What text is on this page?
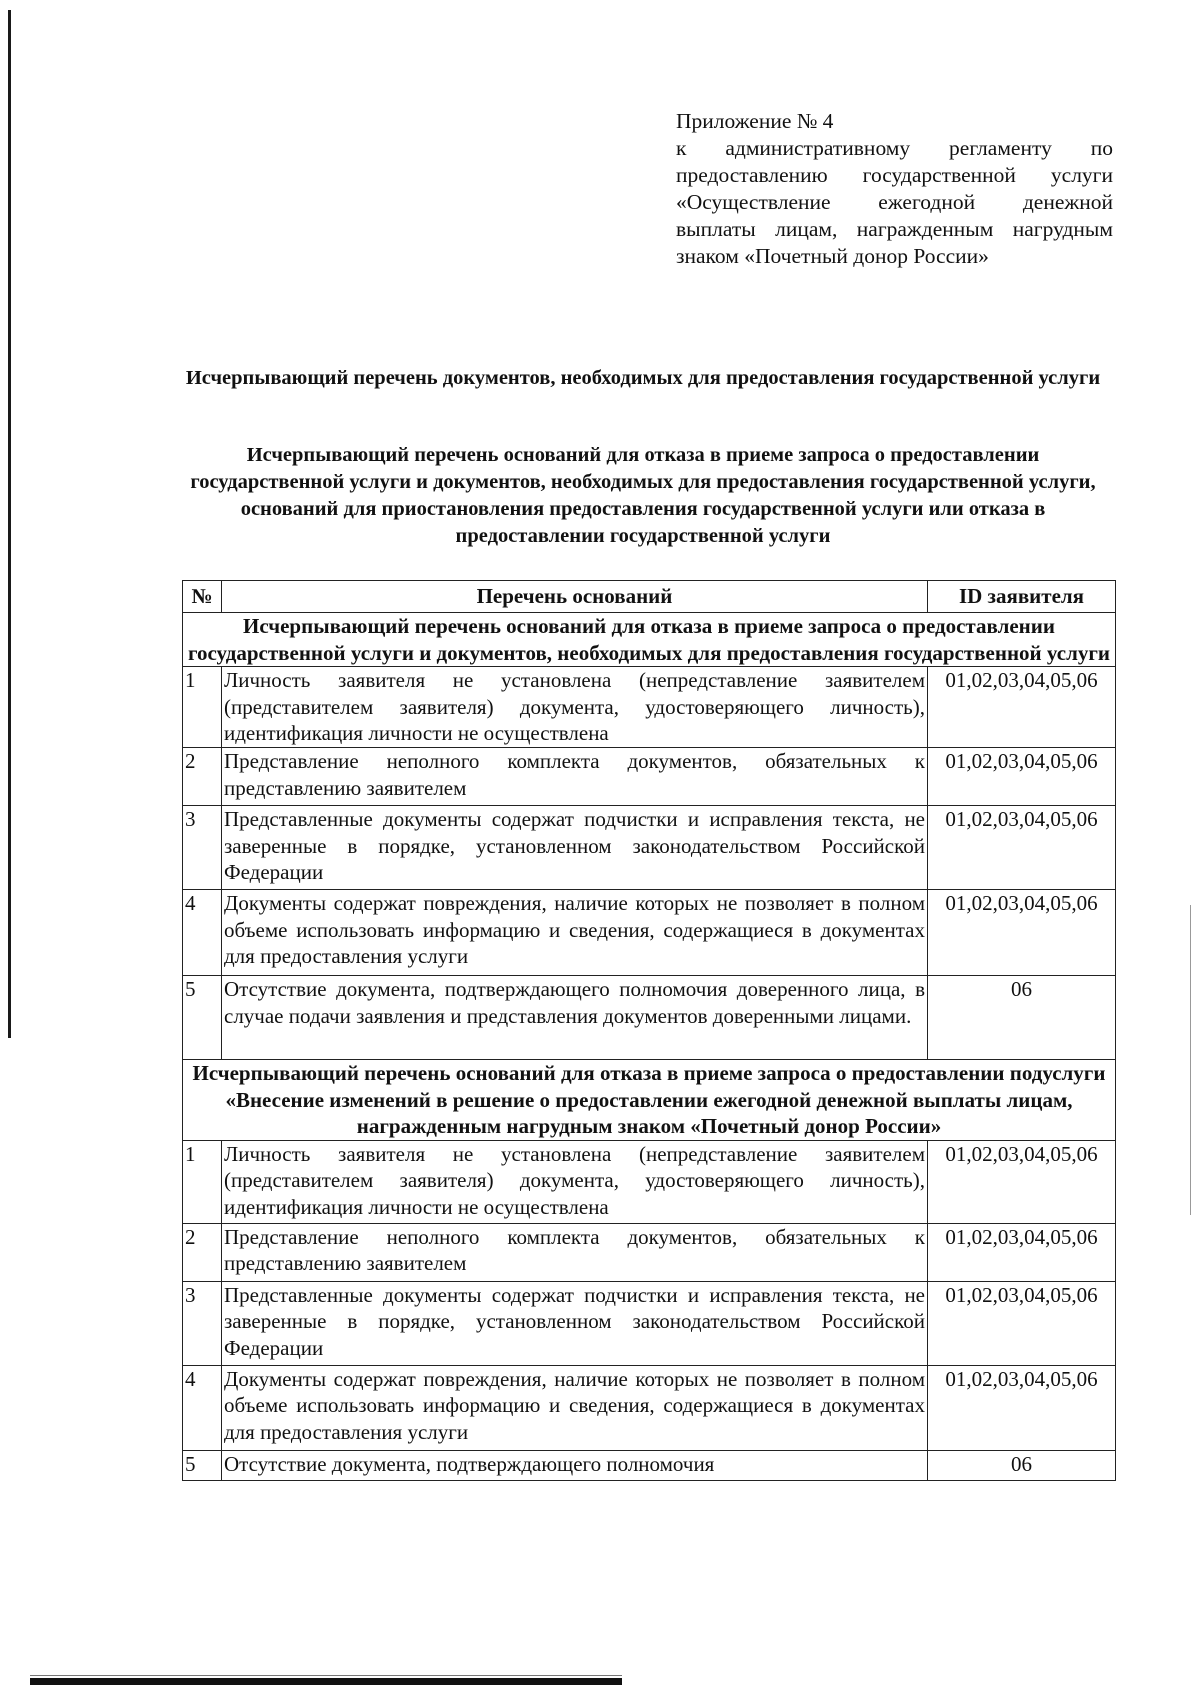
Приложение № 4
к административному регламенту по предоставлению государственной услуги «Осуществление ежегодной денежной выплаты лицам, награжденным нагрудным знаком «Почетный донор России»
Исчерпывающий перечень документов, необходимых для предоставления государственной услуги
Исчерпывающий перечень оснований для отказа в приеме запроса о предоставлении государственной услуги и документов, необходимых для предоставления государственной услуги, оснований для приостановления предоставления государственной услуги или отказа в предоставлении государственной услуги
№	Перечень оснований	ID заявителя
Исчерпывающий перечень оснований для отказа в приеме запроса о предоставлении государственной услуги и документов, необходимых для предоставления государственной услуги		
1	Личность заявителя не установлена (непредставление заявителем (представителем заявителя) документа, удостоверяющего личность), идентификация личности не осуществлена	01,02,03,04,05,06
2	Представление неполного комплекта документов, обязательных к представлению заявителем	01,02,03,04,05,06
3	Представленные документы содержат подчистки и исправления текста, не заверенные в порядке, установленном законодательством Российской Федерации	01,02,03,04,05,06
4	Документы содержат повреждения, наличие которых не позволяет в полном объеме использовать информацию и сведения, содержащиеся в документах для предоставления услуги	01,02,03,04,05,06
5	Отсутствие документа, подтверждающего полномочия доверенного лица, в случае подачи заявления и представления документов доверенными лицами.	06
Исчерпывающий перечень оснований для отказа в приеме запроса о предоставлении подуслуги «Внесение изменений в решение о предоставлении ежегодной денежной выплаты лицам, награжденным нагрудным знаком «Почетный донор России»		
1	Личность заявителя не установлена (непредставление заявителем (представителем заявителя) документа, удостоверяющего личность), идентификация личности не осуществлена	01,02,03,04,05,06
2	Представление неполного комплекта документов, обязательных к представлению заявителем	01,02,03,04,05,06
3	Представленные документы содержат подчистки и исправления текста, не заверенные в порядке, установленном законодательством Российской Федерации	01,02,03,04,05,06
4	Документы содержат повреждения, наличие которых не позволяет в полном объеме использовать информацию и сведения, содержащиеся в документах для предоставления услуги	01,02,03,04,05,06
5	Отсутствие документа, подтверждающего полномочия	06
